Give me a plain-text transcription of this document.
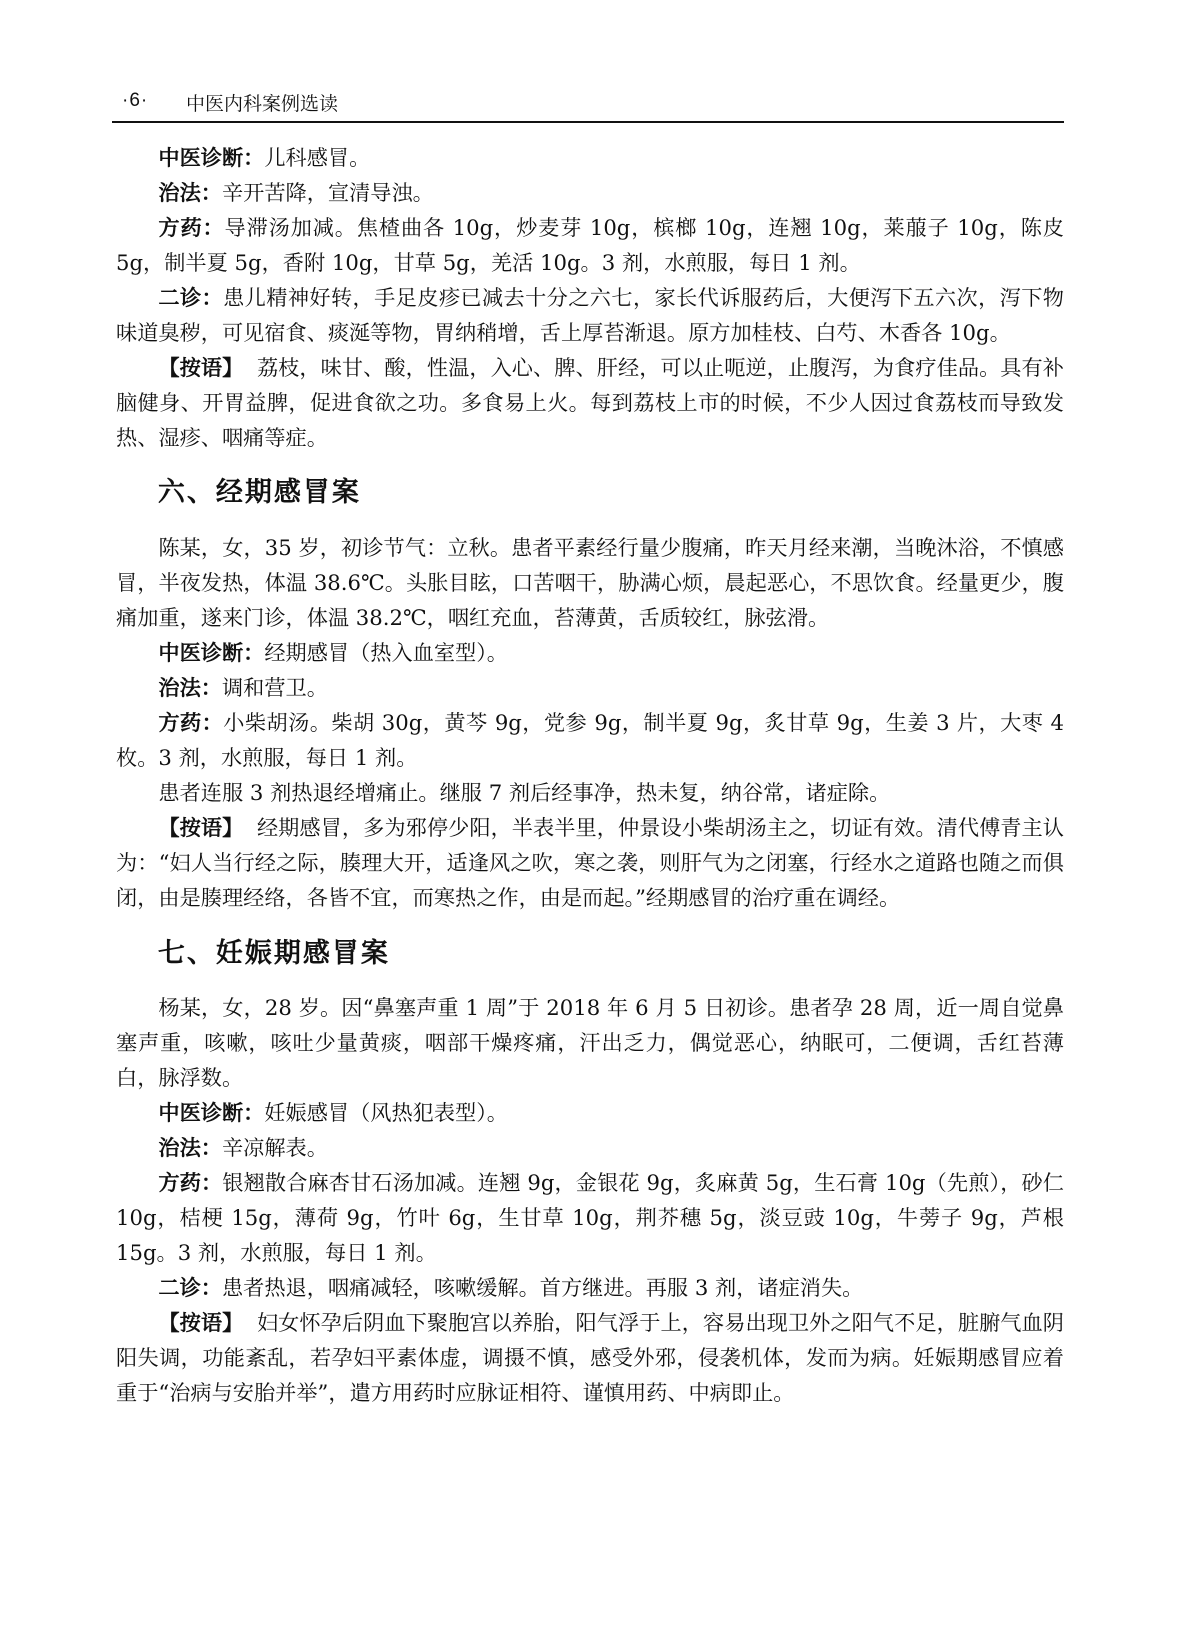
·6· 中医内科案例选读

中医诊断：儿科感冒。

治法：辛开苦降，宣清导浊。

方药：导滞汤加减。焦楂曲各 10g，炒麦芽 10g，槟榔 10g，连翘 10g，莱菔子 10g，陈皮 5g，制半夏 5g，香附 10g，甘草 5g，羌活 10g。3 剂，水煎服，每日 1 剂。

二诊：患儿精神好转，手足皮疹已减去十分之六七，家长代诉服药后，大便泻下五六次，泻下物味道臭秽，可见宿食、痰涎等物，胃纳稍增，舌上厚苔渐退。原方加桂枝、白芍、木香各 10g。

【按语】 荔枝，味甘、酸，性温，入心、脾、肝经，可以止呃逆，止腹泻，为食疗佳品。具有补脑健身、开胃益脾，促进食欲之功。多食易上火。每到荔枝上市的时候，不少人因过食荔枝而导致发热、湿疹、咽痛等症。

六、经期感冒案

陈某，女，35 岁，初诊节气：立秋。患者平素经行量少腹痛，昨天月经来潮，当晚沐浴，不慎感冒，半夜发热，体温 38.6℃。头胀目眩，口苦咽干，胁满心烦，晨起恶心，不思饮食。经量更少，腹痛加重，遂来门诊，体温 38.2℃，咽红充血，苔薄黄，舌质较红，脉弦滑。

中医诊断：经期感冒（热入血室型）。

治法：调和营卫。

方药：小柴胡汤。柴胡 30g，黄芩 9g，党参 9g，制半夏 9g，炙甘草 9g，生姜 3 片，大枣 4 枚。3 剂，水煎服，每日 1 剂。

患者连服 3 剂热退经增痛止。继服 7 剂后经事净，热未复，纳谷常，诸症除。

【按语】 经期感冒，多为邪停少阳，半表半里，仲景设小柴胡汤主之，切证有效。清代傅青主认为：“妇人当行经之际，腠理大开，适逢风之吹，寒之袭，则肝气为之闭塞，行经水之道路也随之而俱闭，由是腠理经络，各皆不宜，而寒热之作，由是而起。”经期感冒的治疗重在调经。

七、妊娠期感冒案

杨某，女，28 岁。因“鼻塞声重 1 周”于 2018 年 6 月 5 日初诊。患者孕 28 周，近一周自觉鼻塞声重，咳嗽，咳吐少量黄痰，咽部干燥疼痛，汗出乏力，偶觉恶心，纳眠可，二便调，舌红苔薄白，脉浮数。

中医诊断：妊娠感冒（风热犯表型）。

治法：辛凉解表。

方药：银翘散合麻杏甘石汤加减。连翘 9g，金银花 9g，炙麻黄 5g，生石膏 10g（先煎），砂仁 10g，桔梗 15g，薄荷 9g，竹叶 6g，生甘草 10g，荆芥穗 5g，淡豆豉 10g，牛蒡子 9g，芦根 15g。3 剂，水煎服，每日 1 剂。

二诊：患者热退，咽痛减轻，咳嗽缓解。首方继进。再服 3 剂，诸症消失。

【按语】 妇女怀孕后阴血下聚胞宫以养胎，阳气浮于上，容易出现卫外之阳气不足，脏腑气血阴阳失调，功能紊乱，若孕妇平素体虚，调摄不慎，感受外邪，侵袭机体，发而为病。妊娠期感冒应着重于“治病与安胎并举”，遣方用药时应脉证相符、谨慎用药、中病即止。
